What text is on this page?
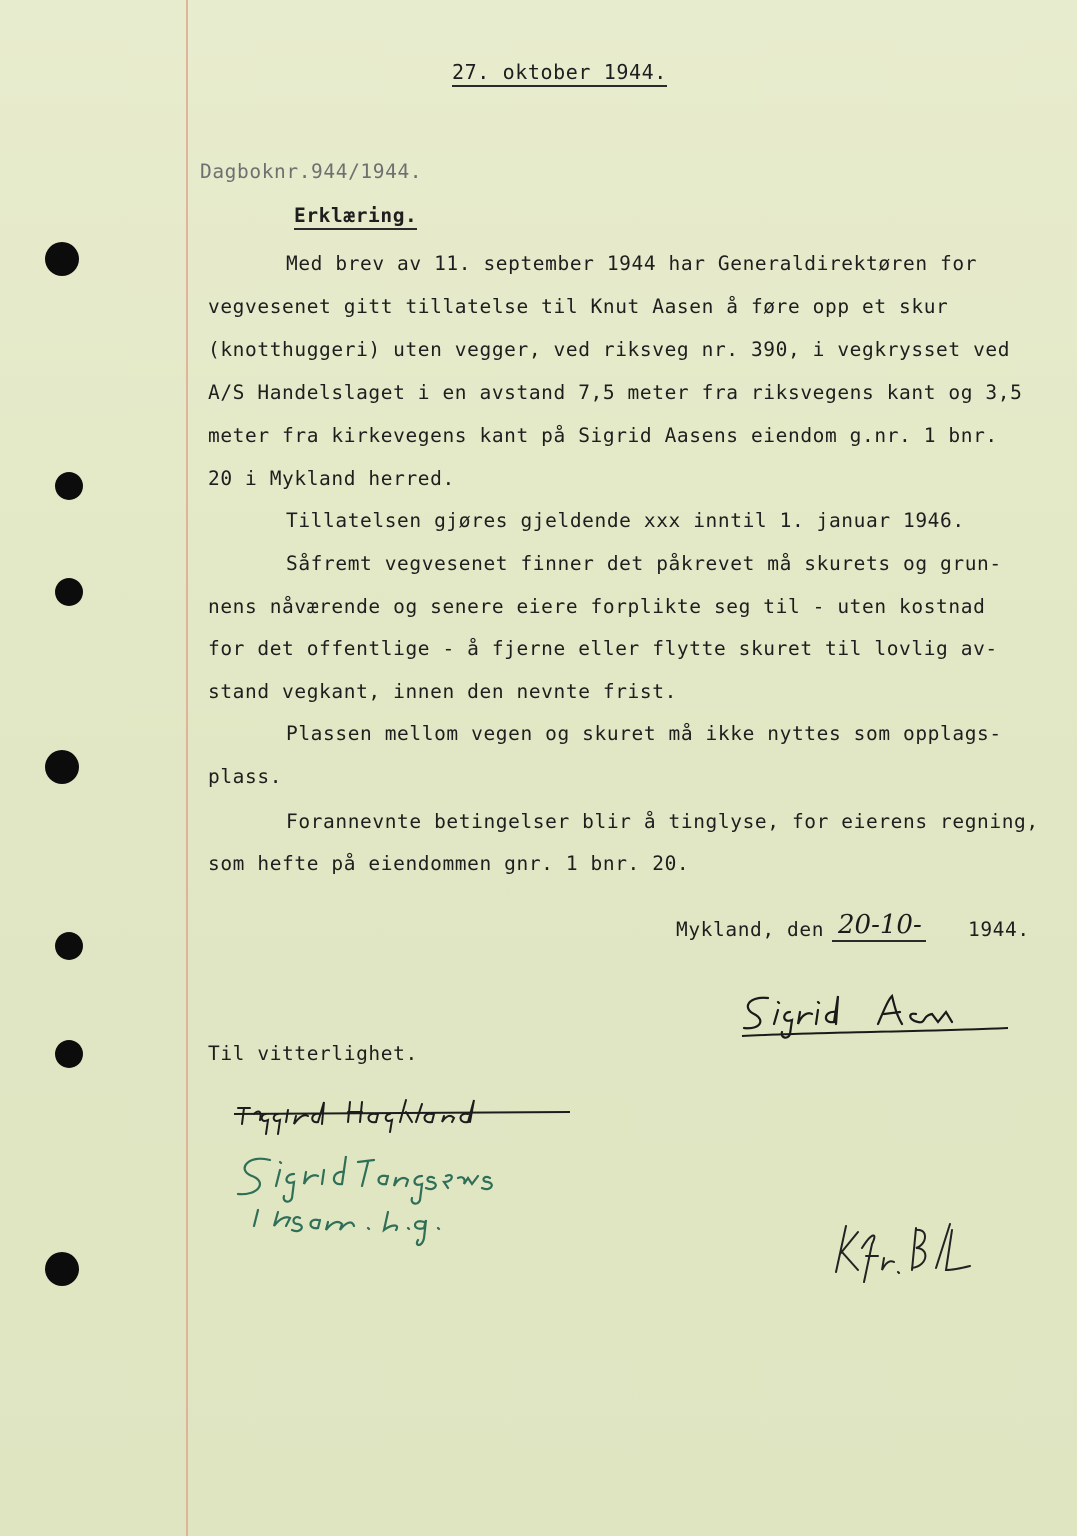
27. oktober 1944.
Dagboknr.944/1944.
Erklæring.
Med brev av 11. september 1944 har Generaldirektøren for
vegvesenet gitt tillatelse til Knut Aasen å føre opp et skur
(knotthuggeri) uten vegger, ved riksveg nr. 390, i vegkrysset ved
A/S Handelslaget i en avstand 7,5 meter fra riksvegens kant og 3,5
meter fra kirkevegens kant på Sigrid Aasens eiendom g.nr. 1 bnr.
20 i Mykland herred.
Tillatelsen gjøres gjeldende xxx inntil 1. januar 1946.
Såfremt vegvesenet finner det påkrevet må skurets og grun-
nens nåværende og senere eiere forplikte seg til - uten kostnad
for det offentlige - å fjerne eller flytte skuret til lovlig av-
stand vegkant, innen den nevnte frist.
Plassen mellom vegen og skuret må ikke nyttes som opplags-
plass.
Forannevnte betingelser blir å tinglyse, for eierens regning,
som hefte på eiendommen gnr. 1 bnr. 20.
Mykland, den 20-10- 1944.
Til vitterlighet.
